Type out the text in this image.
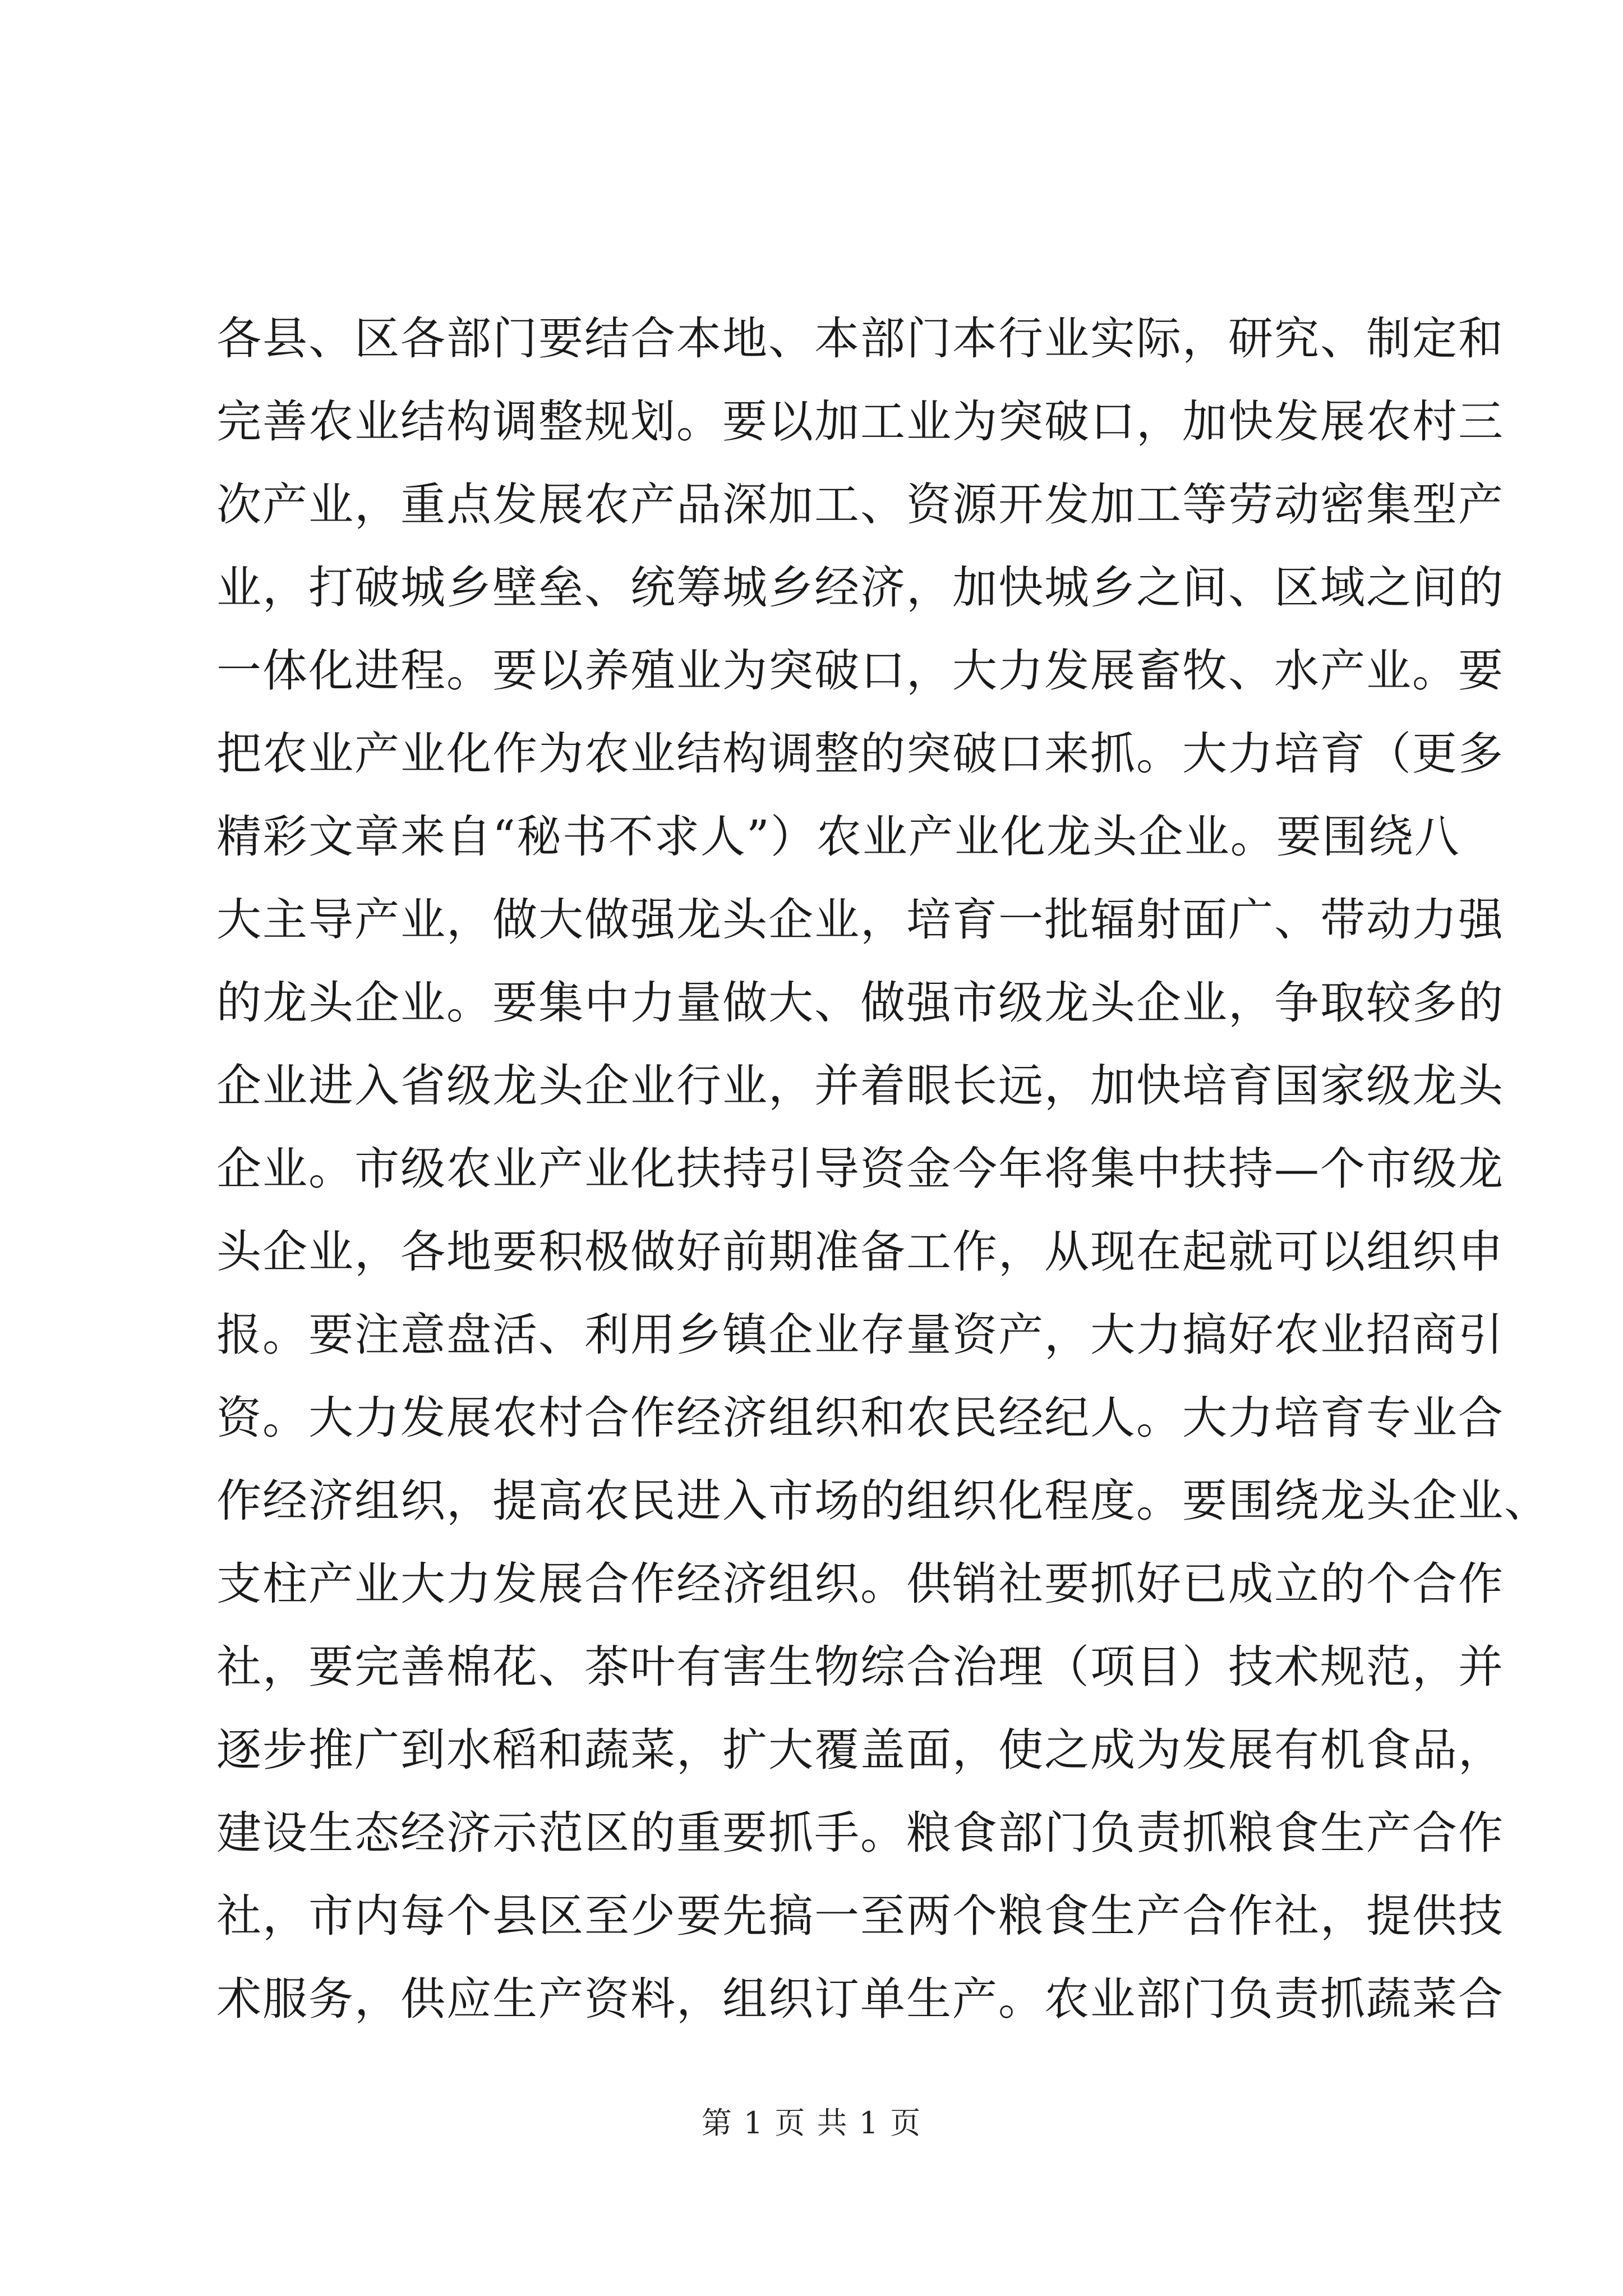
各县、区各部门要结合本地、本部门本行业实际，研究、制定和
完善农业结构调整规划。要以加工业为突破口，加快发展农村三
次产业，重点发展农产品深加工、资源开发加工等劳动密集型产
业，打破城乡壁垒、统筹城乡经济，加快城乡之间、区域之间的
一体化进程。要以养殖业为突破口，大力发展畜牧、水产业。要
把农业产业化作为农业结构调整的突破口来抓。大力培育（更多
精彩文章来自“秘书不求人”）农业产业化龙头企业。要围绕八
大主导产业，做大做强龙头企业，培育一批辐射面广、带动力强
的龙头企业。要集中力量做大、做强市级龙头企业，争取较多的
企业进入省级龙头企业行业，并着眼长远，加快培育国家级龙头
企业。市级农业产业化扶持引导资金今年将集中扶持—个市级龙
头企业，各地要积极做好前期准备工作，从现在起就可以组织申
报。要注意盘活、利用乡镇企业存量资产，大力搞好农业招商引
资。大力发展农村合作经济组织和农民经纪人。大力培育专业合
作经济组织，提高农民进入市场的组织化程度。要围绕龙头企业、
支柱产业大力发展合作经济组织。供销社要抓好已成立的个合作
社，要完善棉花、茶叶有害生物综合治理（项目）技术规范，并
逐步推广到水稻和蔬菜，扩大覆盖面，使之成为发展有机食品，
建设生态经济示范区的重要抓手。粮食部门负责抓粮食生产合作
社，市内每个县区至少要先搞一至两个粮食生产合作社，提供技
术服务，供应生产资料，组织订单生产。农业部门负责抓蔬菜合
第 1 页 共 1 页
